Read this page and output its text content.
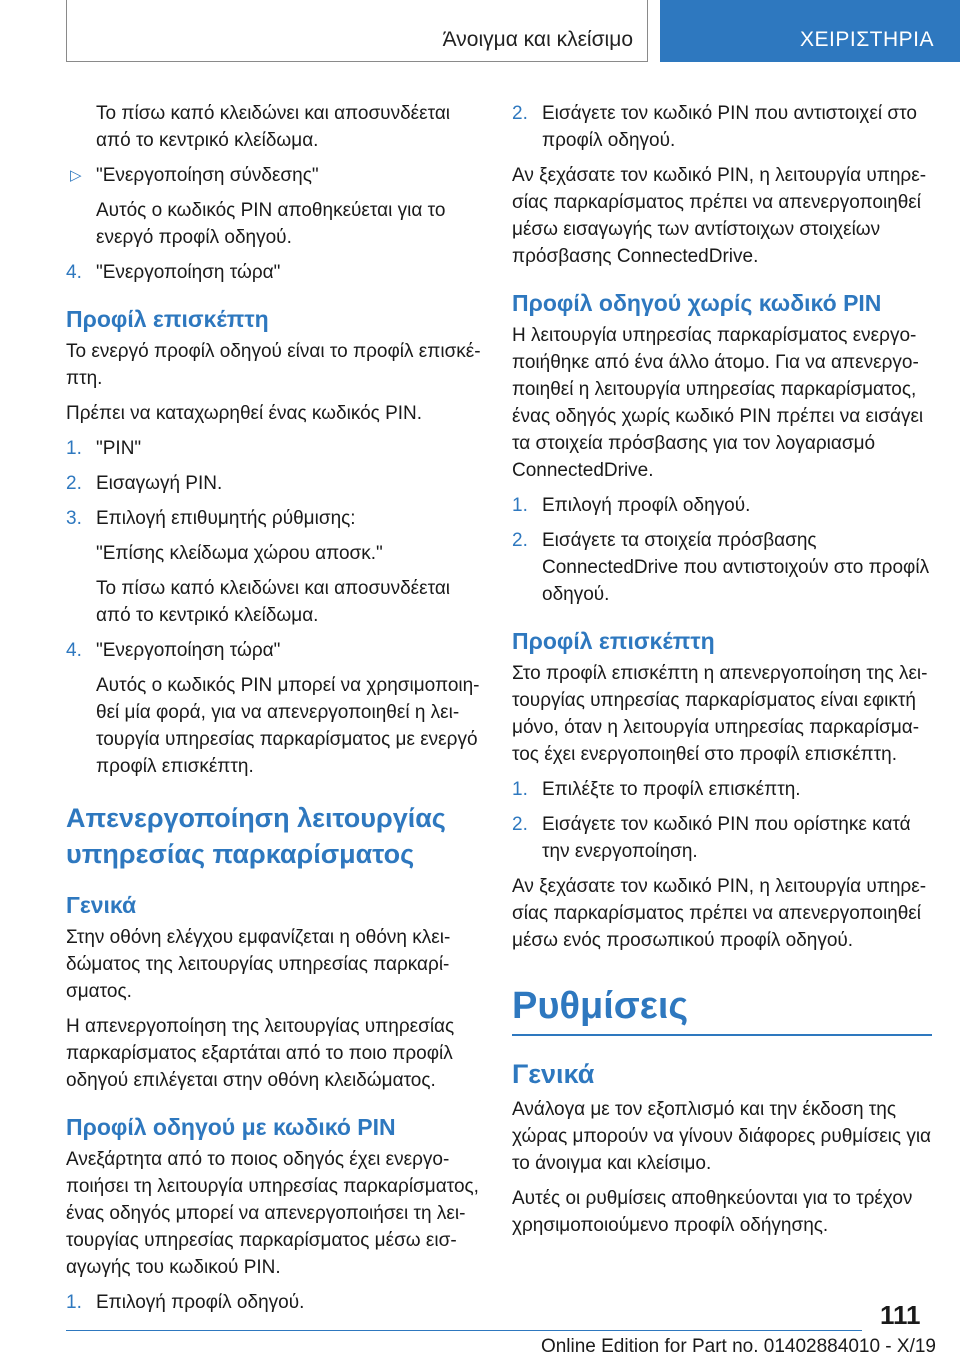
Άνοιγμα και κλείσιμο	ΧΕΙΡΙΣΤΗΡΙΑ
Το πίσω καπό κλειδώνει και αποσυνδέεται από το κεντρικό κλείδωμα.
▷ "Ενεργοποίηση σύνδεσης"
Αυτός ο κωδικός PIN αποθηκεύεται για το ενεργό προφίλ οδηγού.
4. "Ενεργοποίηση τώρα"
Προφίλ επισκέπτη

Το ενεργό προφίλ οδηγού είναι το προφίλ επισκέ-πτη.

Πρέπει να καταχωρηθεί ένας κωδικός PIN.

1. "PIN"
2. Εισαγωγή PIN.
3. Επιλογή επιθυμητής ρύθμισης:
"Επίσης κλείδωμα χώρου αποσκ."
Το πίσω καπό κλειδώνει και αποσυνδέεται από το κεντρικό κλείδωμα.
4. "Ενεργοποίηση τώρα"
Αυτός ο κωδικός PIN μπορεί να χρησιμοποιη-θεί μία φορά, για να απενεργοποιηθεί η λει-τουργία υπηρεσίας παρκαρίσματος με ενεργό προφίλ επισκέπτη.
Απενεργοποίηση λειτουργίας υπηρεσίας παρκαρίσματος
Γενικά

Στην οθόνη ελέγχου εμφανίζεται η οθόνη κλει-δώματος της λειτουργίας υπηρεσίας παρκαρί-σματος.

Η απενεργοποίηση της λειτουργίας υπηρεσίας παρκαρίσματος εξαρτάται από το ποιο προφίλ οδηγού επιλέγεται στην οθόνη κλειδώματος.

Προφίλ οδηγού με κωδικό PIN

Ανεξάρτητα από το ποιος οδηγός έχει ενεργο-ποιήσει τη λειτουργία υπηρεσίας παρκαρίσματος, ένας οδηγός μπορεί να απενεργοποιήσει τη λει-τουργίας υπηρεσίας παρκαρίσματος μέσω εισ-αγωγής του κωδικού PIN.

1. Επιλογή προφίλ οδηγού.
2. Εισάγετε τον κωδικό PIN που αντιστοιχεί στο προφίλ οδηγού.

Αν ξεχάσατε τον κωδικό PIN, η λειτουργία υπηρε-σίας παρκαρίσματος πρέπει να απενεργοποιηθεί μέσω εισαγωγής των αντίστοιχων στοιχείων πρόσβασης ConnectedDrive.

Προφίλ οδηγού χωρίς κωδικό PIN

Η λειτουργία υπηρεσίας παρκαρίσματος ενεργο-ποιήθηκε από ένα άλλο άτομο. Για να απενεργο-ποιηθεί η λειτουργία υπηρεσίας παρκαρίσματος, ένας οδηγός χωρίς κωδικό PIN πρέπει να εισάγει τα στοιχεία πρόσβασης για τον λογαριασμό ConnectedDrive.

1. Επιλογή προφίλ οδηγού.
2. Εισάγετε τα στοιχεία πρόσβασης ConnectedDrive που αντιστοιχούν στο προφίλ οδηγού.
Προφίλ επισκέπτη

Στο προφίλ επισκέπτη η απενεργοποίηση της λει-τουργίας υπηρεσίας παρκαρίσματος είναι εφικτή μόνο, όταν η λειτουργία υπηρεσίας παρκαρίσμα-τος έχει ενεργοποιηθεί στο προφίλ επισκέπτη.

1. Επιλέξτε το προφίλ επισκέπτη.
2. Εισάγετε τον κωδικό PIN που ορίστηκε κατά την ενεργοποίηση.

Αν ξεχάσατε τον κωδικό PIN, η λειτουργία υπηρε-σίας παρκαρίσματος πρέπει να απενεργοποιηθεί μέσω ενός προσωπικού προφίλ οδηγού.

Ρυθμίσεις
Γενικά

Ανάλογα με τον εξοπλισμό και την έκδοση της χώρας μπορούν να γίνουν διάφορες ρυθμίσεις για το άνοιγμα και κλείσιμο.

Αυτές οι ρυθμίσεις αποθηκεύονται για το τρέχον χρησιμοποιούμενο προφίλ οδήγησης.

111
Online Edition for Part no. 01402884010 - X/19
